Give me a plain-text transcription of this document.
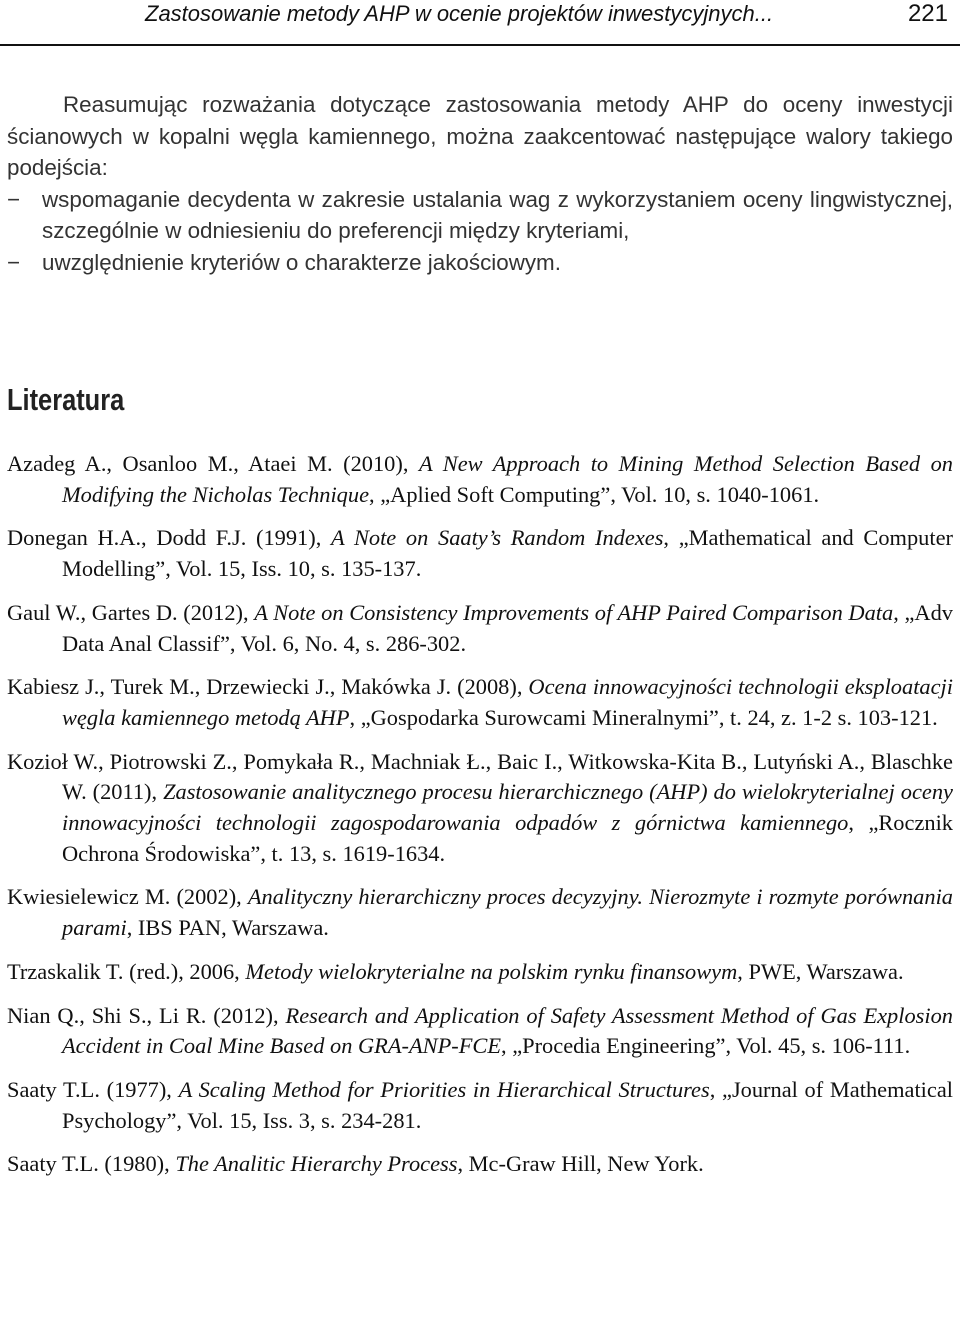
Zastosowanie metody AHP w ocenie projektów inwestycyjnych...	221

Reasumując rozważania dotyczące zastosowania metody AHP do oceny inwestycji ścianowych w kopalni węgla kamiennego, można zaakcentować następujące walory takiego podejścia:

− wspomaganie decydenta w zakresie ustalania wag z wykorzystaniem oceny lingwistycznej, szczególnie w odniesieniu do preferencji między kryteriami,
− uwzględnienie kryteriów o charakterze jakościowym.
Literatura
Azadeg A., Osanloo M., Ataei M. (2010), A New Approach to Mining Method Selection Based on Modifying the Nicholas Technique, „Aplied Soft Computing”, Vol. 10, s. 1040-1061.
Donegan H.A., Dodd F.J. (1991), A Note on Saaty’s Random Indexes, „Mathematical and Computer Modelling”, Vol. 15, Iss. 10, s. 135-137.
Gaul W., Gartes D. (2012), A Note on Consistency Improvements of AHP Paired Comparison Data, „Adv Data Anal Classif”, Vol. 6, No. 4, s. 286-302.
Kabiesz J., Turek M., Drzewiecki J., Makówka J. (2008), Ocena innowacyjności technologii eksploatacji węgla kamiennego metodą AHP, „Gospodarka Surowcami Mineralnymi”, t. 24, z. 1-2 s. 103-121.
Kozioł W., Piotrowski Z., Pomykała R., Machniak Ł., Baic I., Witkowska-Kita B., Lutyński A., Blaschke W. (2011), Zastosowanie analitycznego procesu hierarchicznego (AHP) do wielokryterialnej oceny innowacyjności technologii zagospodarowania odpadów z górnictwa kamiennego, „Rocznik Ochrona Środowiska”, t. 13, s. 1619-1634.
Kwiesielewicz M. (2002), Analityczny hierarchiczny proces decyzyjny. Nierozmyte i rozmyte porównania parami, IBS PAN, Warszawa.
Trzaskalik T. (red.), 2006, Metody wielokryterialne na polskim rynku finansowym, PWE, Warszawa.
Nian Q., Shi S., Li R. (2012), Research and Application of Safety Assessment Method of Gas Explosion Accident in Coal Mine Based on GRA-ANP-FCE, „Procedia Engineering”, Vol. 45, s. 106-111.
Saaty T.L. (1977), A Scaling Method for Priorities in Hierarchical Structures, „Journal of Mathematical Psychology”, Vol. 15, Iss. 3, s. 234-281.
Saaty T.L. (1980), The Analitic Hierarchy Process, Mc-Graw Hill, New York.
